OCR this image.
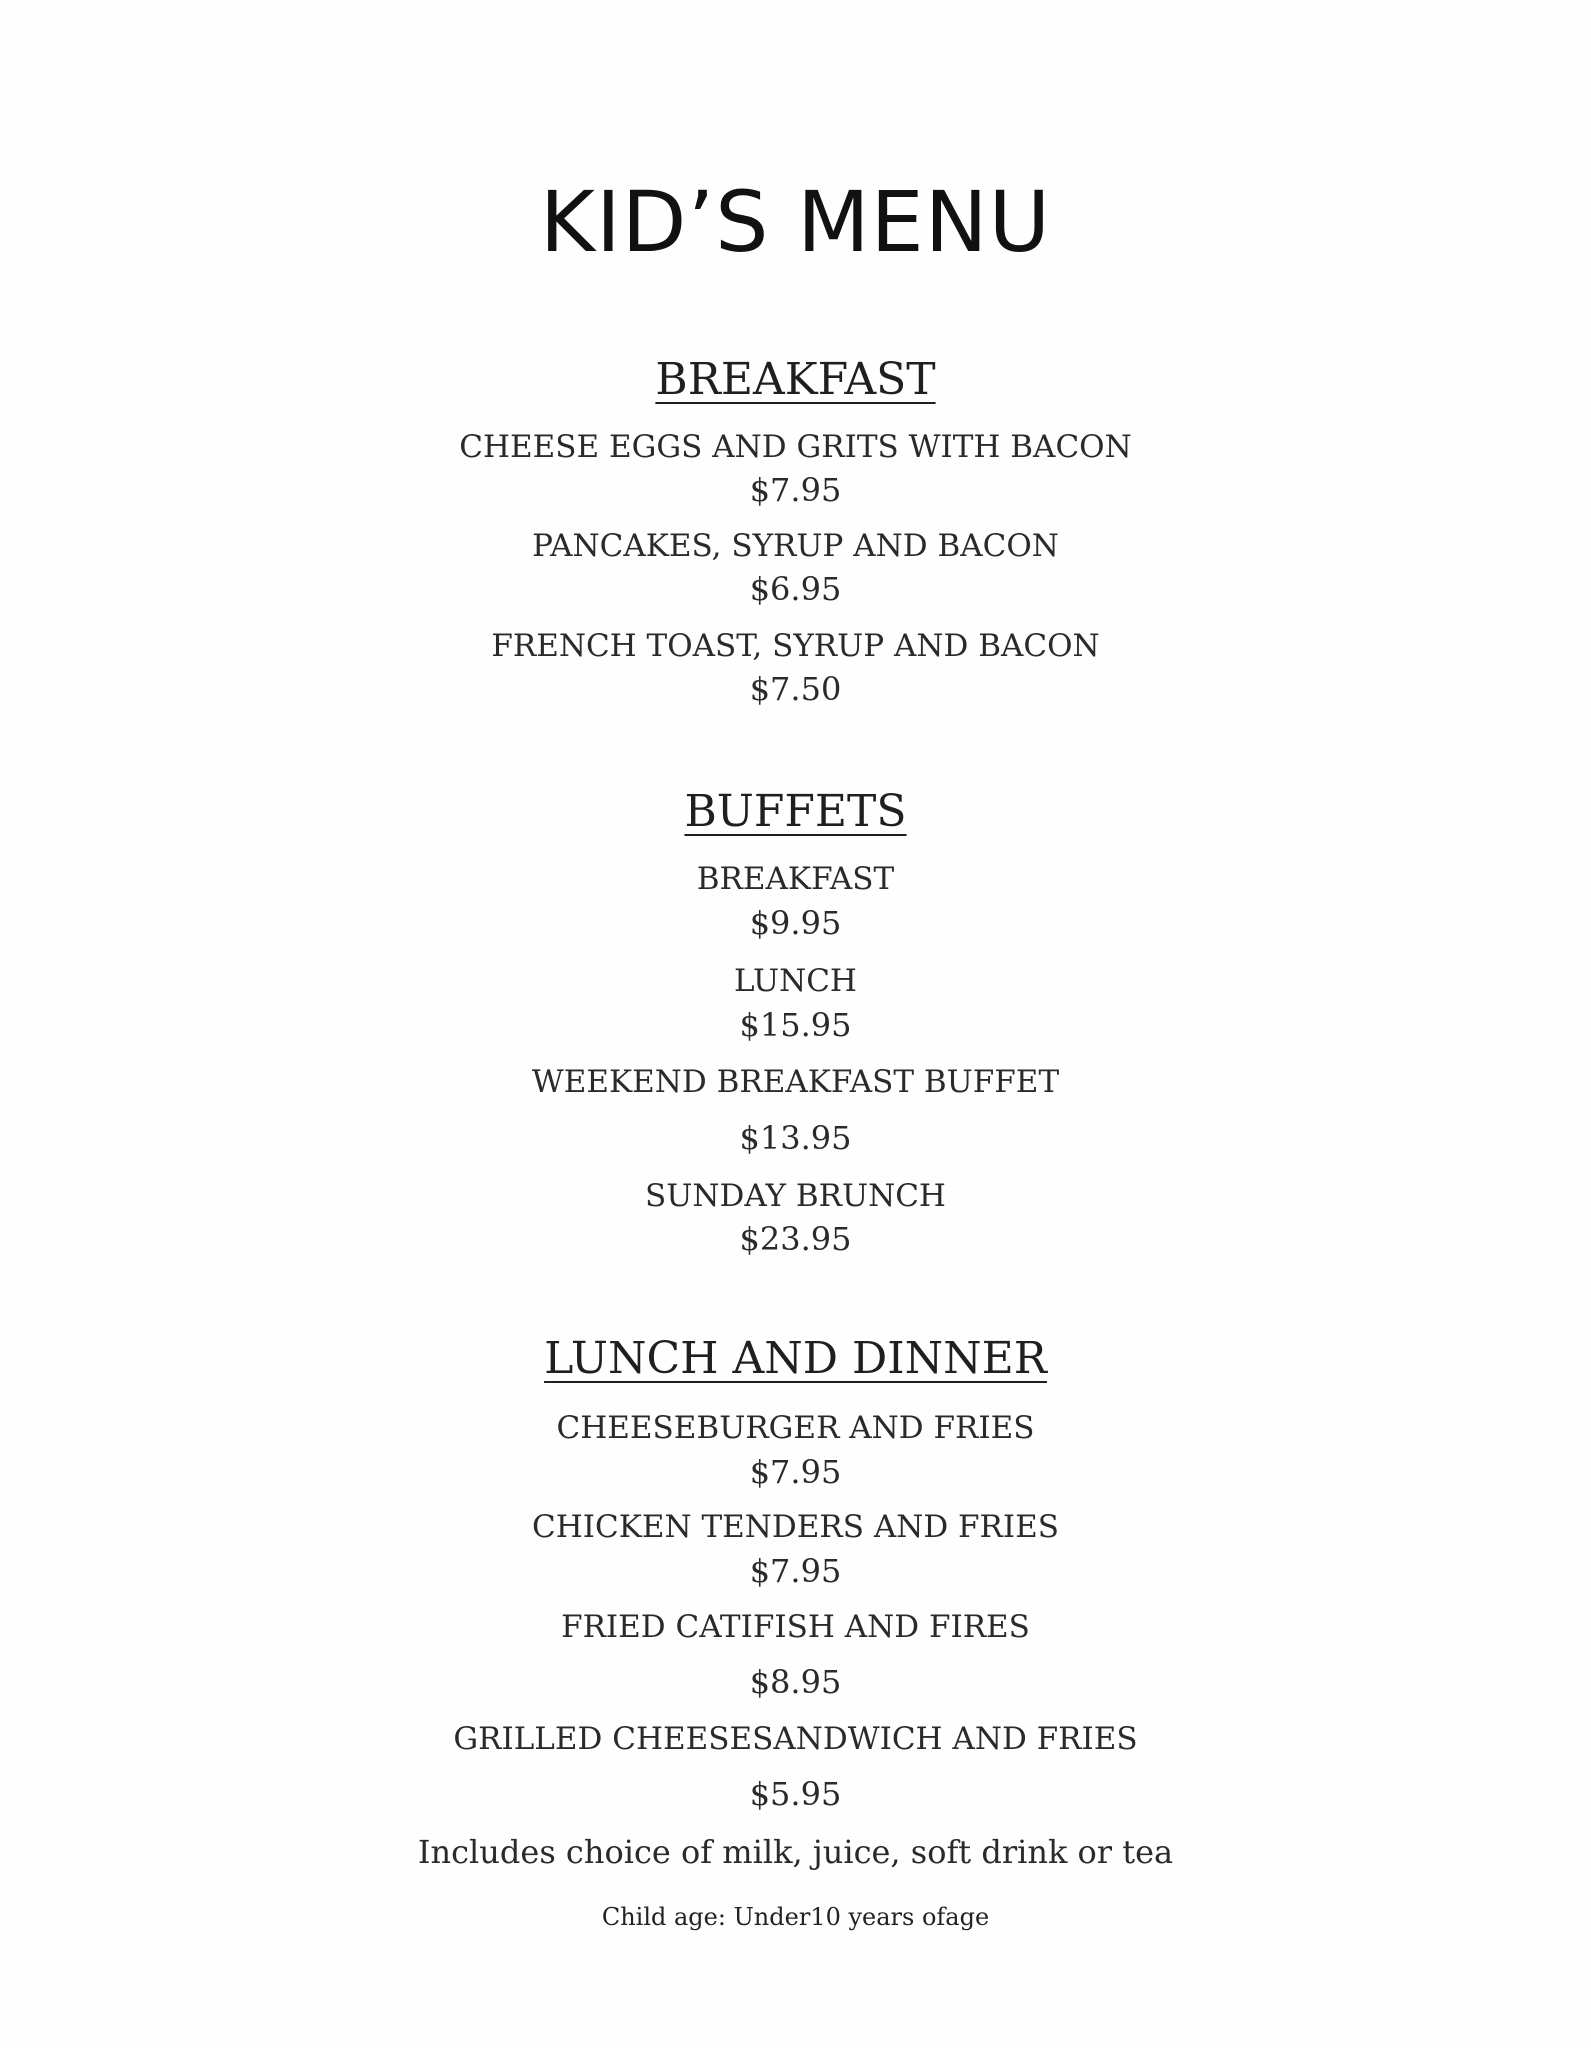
KID’S MENU
BREAKFAST
CHEESE EGGS AND GRITS WITH BACON
$7.95
PANCAKES, SYRUP AND BACON
$6.95
FRENCH TOAST, SYRUP AND BACON
$7.50
BUFFETS
BREAKFAST
$9.95
LUNCH
$15.95
WEEKEND BREAKFAST BUFFET
$13.95
SUNDAY BRUNCH
$23.95
LUNCH AND DINNER
CHEESEBURGER AND FRIES
$7.95
CHICKEN TENDERS AND FRIES
$7.95
FRIED CATIFISH AND FIRES
$8.95
GRILLED CHEESESANDWICH AND FRIES
$5.95
Includes choice of milk, juice, soft drink or tea
Child age: Under10 years ofage
